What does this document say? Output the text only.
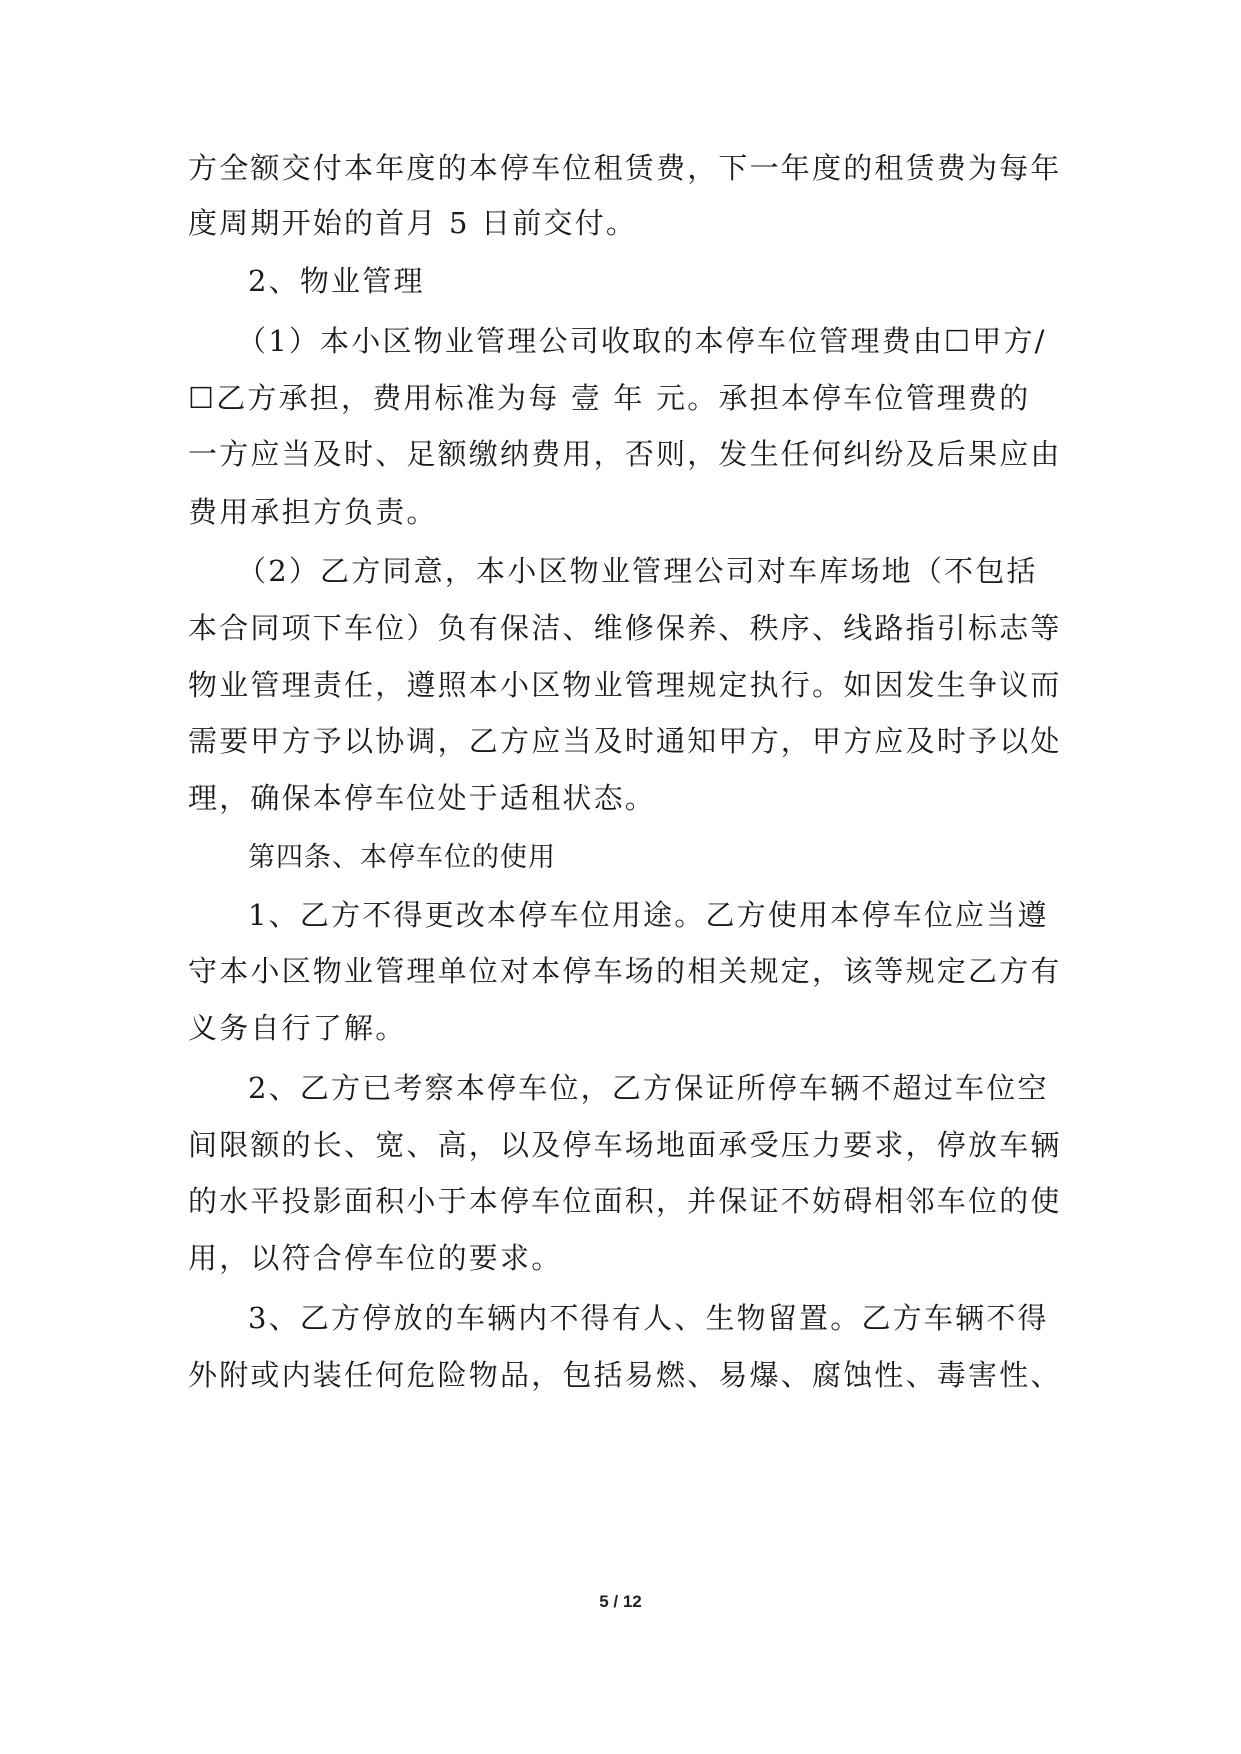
方全额交付本年度的本停车位租赁费，下一年度的租赁费为每年
度周期开始的首月 5 日前交付。
2、物业管理
（1）本小区物业管理公司收取的本停车位管理费由☐甲方/
☐乙方承担，费用标准为每 壹 年 元。承担本停车位管理费的
一方应当及时、足额缴纳费用，否则，发生任何纠纷及后果应由
费用承担方负责。
（2）乙方同意，本小区物业管理公司对车库场地（不包括
本合同项下车位）负有保洁、维修保养、秩序、线路指引标志等
物业管理责任，遵照本小区物业管理规定执行。如因发生争议而
需要甲方予以协调，乙方应当及时通知甲方，甲方应及时予以处
理，确保本停车位处于适租状态。
第四条、本停车位的使用
1、乙方不得更改本停车位用途。乙方使用本停车位应当遵
守本小区物业管理单位对本停车场的相关规定，该等规定乙方有
义务自行了解。
2、乙方已考察本停车位，乙方保证所停车辆不超过车位空
间限额的长、宽、高，以及停车场地面承受压力要求，停放车辆
的水平投影面积小于本停车位面积，并保证不妨碍相邻车位的使
用，以符合停车位的要求。
3、乙方停放的车辆内不得有人、生物留置。乙方车辆不得
外附或内装任何危险物品，包括易燃、易爆、腐蚀性、毒害性、
5 / 12
